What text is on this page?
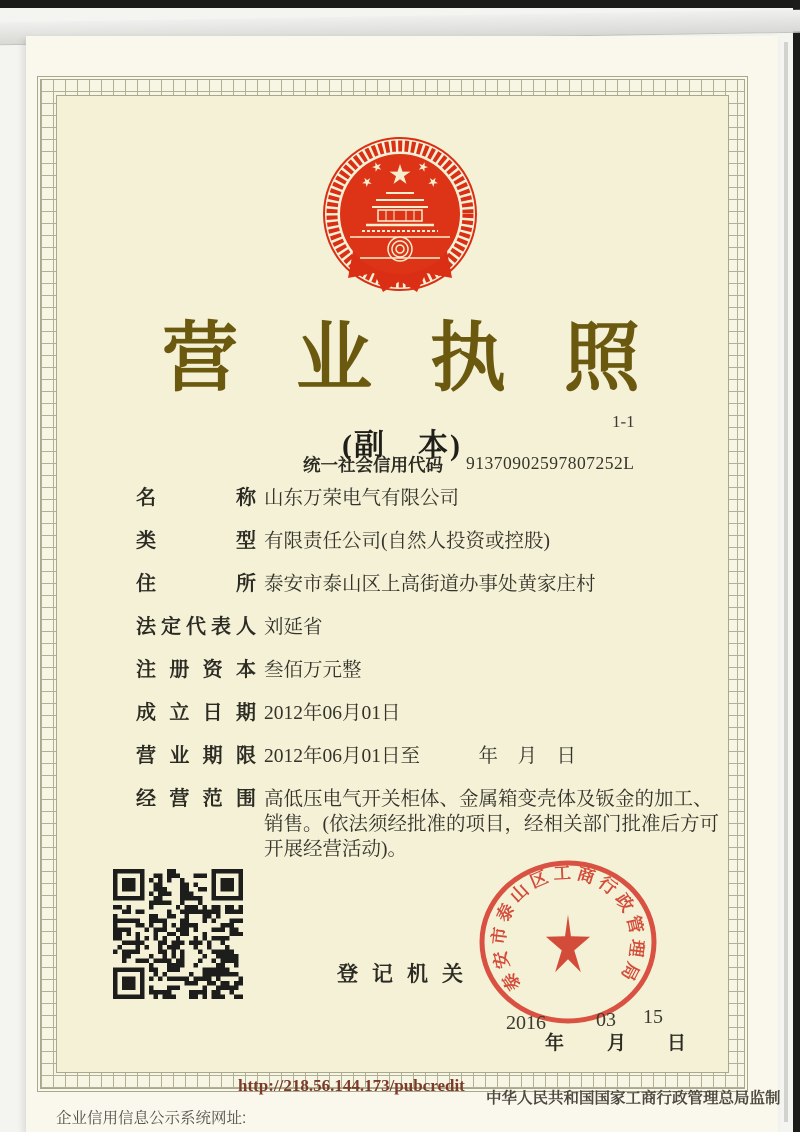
营 业 执 照
(副　本)
1-1
统一社会信用代码 91370902597807252L
名称 山东万荣电气有限公司
类型 有限责任公司(自然人投资或控股)
住所 泰安市泰山区上高街道办事处黄家庄村
法定代表人 刘延省
注册资本 叁佰万元整
成立日期 2012年06月01日
营业期限 2012年06月01日至　　　年　月　日
经营范围 高低压电气开关柜体、金属箱变壳体及钣金的加工、销售。(依法须经批准的项目，经相关部门批准后方可开展经营活动)。
登记机关	泰安市泰山区工商行政管理局
2016
年
03
月
15
日
http://218.56.144.173/pubcredit
中华人民共和国国家工商行政管理总局监制
企业信用信息公示系统网址:
